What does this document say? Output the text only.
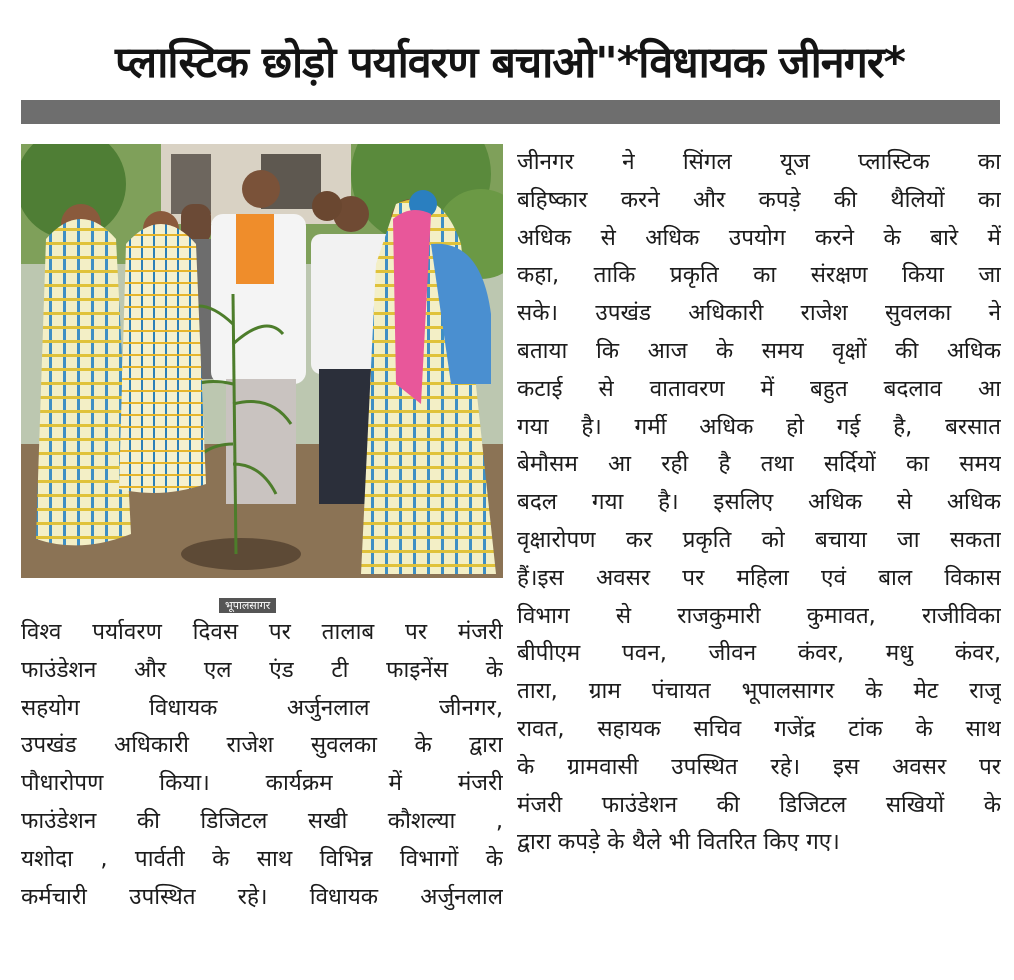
प्लास्टिक छोड़ो पर्यावरण बचाओ"*विधायक जीनगर*
भूपालसागर
विश्व पर्यावरण दिवस पर तालाब पर मंजरी
फाउंडेशन और एल एंड टी फाइनेंस के
सहयोग विधायक अर्जुनलाल जीनगर,
उपखंड अधिकारी राजेश सुवलका के द्वारा
पौधारोपण किया। कार्यक्रम में मंजरी
फाउंडेशन की डिजिटल सखी कौशल्या ,
यशोदा , पार्वती के साथ विभिन्न विभागों के
कर्मचारी उपस्थित रहे। विधायक अर्जुनलाल
जीनगर ने सिंगल यूज प्लास्टिक का
बहिष्कार करने और कपड़े की थैलियों का
अधिक से अधिक उपयोग करने के बारे में
कहा, ताकि प्रकृति का संरक्षण किया जा
सके। उपखंड अधिकारी राजेश सुवलका ने
बताया कि आज के समय वृक्षों की अधिक
कटाई से वातावरण में बहुत बदलाव आ
गया है। गर्मी अधिक हो गई है, बरसात
बेमौसम आ रही है तथा सर्दियों का समय
बदल गया है। इसलिए अधिक से अधिक
वृक्षारोपण कर प्रकृति को बचाया जा सकता
हैं।इस अवसर पर महिला एवं बाल विकास
विभाग से राजकुमारी कुमावत, राजीविका
बीपीएम पवन, जीवन कंवर, मधु कंवर,
तारा, ग्राम पंचायत भूपालसागर के मेट राजू
रावत, सहायक सचिव गजेंद्र टांक के साथ
के ग्रामवासी उपस्थित रहे। इस अवसर पर
मंजरी फाउंडेशन की डिजिटल सखियों के
द्वारा कपड़े के थैले भी वितरित किए गए।
